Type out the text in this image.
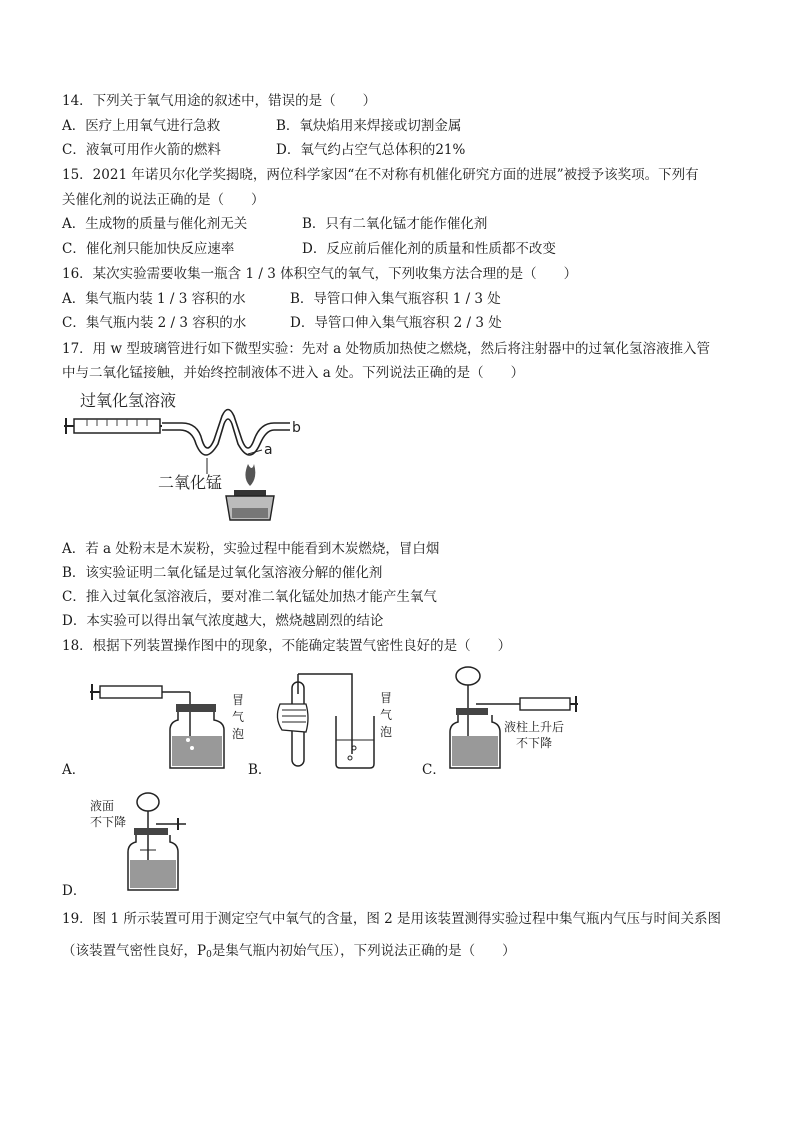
14．下列关于氧气用途的叙述中，错误的是（　　）
A．医疗上用氧气进行急救	B．氧炔焰用来焊接或切割金属
C．液氧可用作火箭的燃料	D．氧气约占空气总体积的21%
15．2021 年诺贝尔化学奖揭晓，两位科学家因“在不对称有机催化研究方面的进展”被授予该奖项。下列有
关催化剂的说法正确的是（　　）
A．生成物的质量与催化剂无关	B．只有二氧化锰才能作催化剂
C．催化剂只能加快反应速率	D．反应前后催化剂的质量和性质都不改变
16．某次实验需要收集一瓶含 1 / 3 体积空气的氧气，下列收集方法合理的是（　　）
A．集气瓶内装 1 / 3 容积的水	B．导管口伸入集气瓶容积 1 / 3 处
C．集气瓶内装 2 / 3 容积的水	D．导管口伸入集气瓶容积 2 / 3 处
17．用 w 型玻璃管进行如下微型实验：先对 a 处物质加热使之燃烧，然后将注射器中的过氧化氢溶液推入管
中与二氧化锰接触，并始终控制液体不进入 a 处。下列说法正确的是（　　）
过氧化氢溶液
b
a
二氧化锰
A．若 a 处粉末是木炭粉，实验过程中能看到木炭燃烧，冒白烟
B．该实验证明二氧化锰是过氧化氢溶液分解的催化剂
C．推入过氧化氢溶液后，要对准二氧化锰处加热才能产生氧气
D．本实验可以得出氧气浓度越大，燃烧越剧烈的结论
18．根据下列装置操作图中的现象，不能确定装置气密性良好的是（　　）
冒
气
泡
A．
冒
气
泡
B．
液柱上升后
不下降
C．
液面
不下降
D．
19．图 1 所示装置可用于测定空气中氧气的含量，图 2 是用该装置测得实验过程中集气瓶内气压与时间关系图
（该装置气密性良好，$P_0$是集气瓶内初始气压），下列说法正确的是（　　）
